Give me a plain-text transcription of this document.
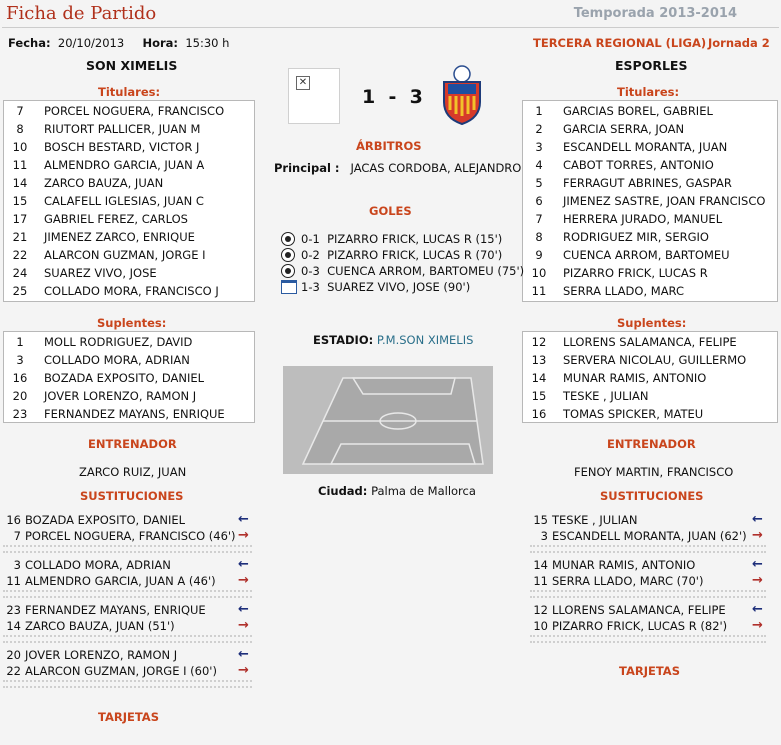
Ficha de Partido	Temporada 2013-2014
Fecha: 20/10/2013 Hora: 15:30 h	TERCERA REGIONAL (LIGA) Jornada 2
SON XIMELIS	ESPORLES
✕
1  -  3
Titulares:
7	PORCEL NOGUERA, FRANCISCO
8	RIUTORT PALLICER, JUAN M
10	BOSCH BESTARD, VICTOR J
11	ALMENDRO GARCIA, JUAN A
14	ZARCO BAUZA, JUAN
15	CALAFELL IGLESIAS, JUAN C
17	GABRIEL FEREZ, CARLOS
21	JIMENEZ ZARCO, ENRIQUE
22	ALARCON GUZMAN, JORGE I
24	SUAREZ VIVO, JOSE
25	COLLADO MORA, FRANCISCO J
Titulares:
1	GARCIAS BOREL, GABRIEL
2	GARCIA SERRA, JOAN
3	ESCANDELL MORANTA, JUAN
4	CABOT TORRES, ANTONIO
5	FERRAGUT ABRINES, GASPAR
6	JIMENEZ SASTRE, JOAN FRANCISCO
7	HERRERA JURADO, MANUEL
8	RODRIGUEZ MIR, SERGIO
9	CUENCA ARROM, BARTOMEU
10	PIZARRO FRICK, LUCAS R
11	SERRA LLADO, MARC
ÁRBITROS
Principal : JACAS CORDOBA, ALEJANDRO
GOLES
0-1 PIZARRO FRICK, LUCAS R (15')
0-2 PIZARRO FRICK, LUCAS R (70')
0-3 CUENCA ARROM, BARTOMEU (75')
1-3 SUAREZ VIVO, JOSE (90')
Suplentes:
1	MOLL RODRIGUEZ, DAVID
3	COLLADO MORA, ADRIAN
16	BOZADA EXPOSITO, DANIEL
20	JOVER LORENZO, RAMON J
23	FERNANDEZ MAYANS, ENRIQUE
Suplentes:
12	LLORENS SALAMANCA, FELIPE
13	SERVERA NICOLAU, GUILLERMO
14	MUNAR RAMIS, ANTONIO
15	TESKE , JULIAN
16	TOMAS SPICKER, MATEU
ESTADIO: P.M.SON XIMELIS
Ciudad: Palma de Mallorca
ENTRENADOR
ZARCO RUIZ, JUAN
ENTRENADOR
FENOY MARTIN, FRANCISCO
SUSTITUCIONES	SUSTITUCIONES
16 BOZADA EXPOSITO, DANIEL	←
7 PORCEL NOGUERA, FRANCISCO (46') →
3 COLLADO MORA, ADRIAN	←
11 ALMENDRO GARCIA, JUAN A (46') →
23 FERNANDEZ MAYANS, ENRIQUE ←
14 ZARCO BAUZA, JUAN (51')	→
20 JOVER LORENZO, RAMON J	←
22 ALARCON GUZMAN, JORGE I (60') →
15 TESKE , JULIAN	←
3 ESCANDELL MORANTA, JUAN (62') →
14 MUNAR RAMIS, ANTONIO	←
11 SERRA LLADO, MARC (70')	→
12 LLORENS SALAMANCA, FELIPE ←
10 PIZARRO FRICK, LUCAS R (82') →
TARJETAS
TARJETAS
